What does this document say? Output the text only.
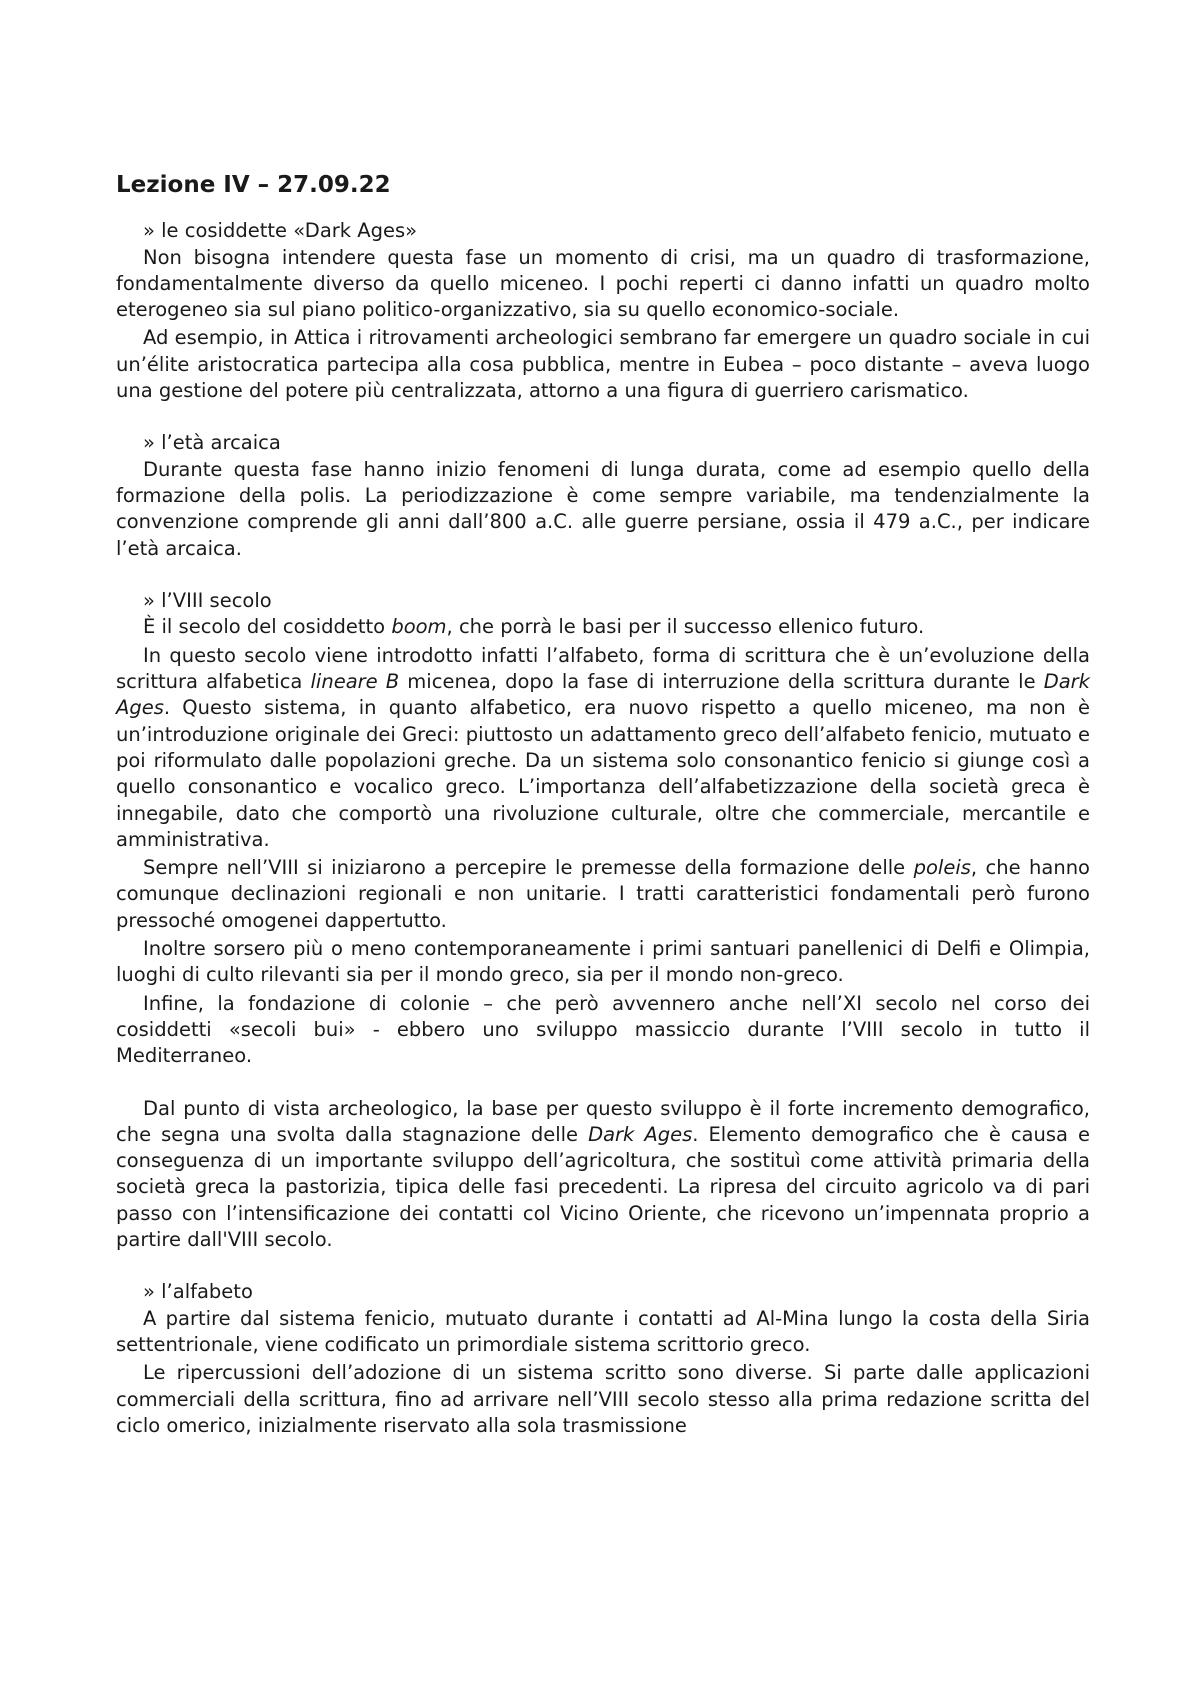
Lezione IV – 27.09.22
» le cosiddette «Dark Ages»

Non bisogna intendere questa fase un momento di crisi, ma un quadro di trasformazione, fondamentalmente diverso da quello miceneo. I pochi reperti ci danno infatti un quadro molto eterogeneo sia sul piano politico-organizzativo, sia su quello economico-sociale.

Ad esempio, in Attica i ritrovamenti archeologici sembrano far emergere un quadro sociale in cui un’élite aristocratica partecipa alla cosa pubblica, mentre in Eubea – poco distante – aveva luogo una gestione del potere più centralizzata, attorno a una figura di guerriero carismatico.

» l’età arcaica

Durante questa fase hanno inizio fenomeni di lunga durata, come ad esempio quello della formazione della polis. La periodizzazione è come sempre variabile, ma tendenzialmente la convenzione comprende gli anni dall’800 a.C. alle guerre persiane, ossia il 479 a.C., per indicare l’età arcaica.

» l’VIII secolo

È il secolo del cosiddetto boom, che porrà le basi per il successo ellenico futuro.

In questo secolo viene introdotto infatti l’alfabeto, forma di scrittura che è un’evoluzione della scrittura alfabetica lineare B micenea, dopo la fase di interruzione della scrittura durante le Dark Ages. Questo sistema, in quanto alfabetico, era nuovo rispetto a quello miceneo, ma non è un’introduzione originale dei Greci: piuttosto un adattamento greco dell’alfabeto fenicio, mutuato e poi riformulato dalle popolazioni greche. Da un sistema solo consonantico fenicio si giunge così a quello consonantico e vocalico greco. L’importanza dell’alfabetizzazione della società greca è innegabile, dato che comportò una rivoluzione culturale, oltre che commerciale, mercantile e amministrativa.

Sempre nell’VIII si iniziarono a percepire le premesse della formazione delle poleis, che hanno comunque declinazioni regionali e non unitarie. I tratti caratteristici fondamentali però furono pressoché omogenei dappertutto.

Inoltre sorsero più o meno contemporaneamente i primi santuari panellenici di Delfi e Olimpia, luoghi di culto rilevanti sia per il mondo greco, sia per il mondo non-greco.

Infine, la fondazione di colonie – che però avvennero anche nell’XI secolo nel corso dei cosiddetti «secoli bui» - ebbero uno sviluppo massiccio durante l’VIII secolo in tutto il Mediterraneo.

Dal punto di vista archeologico, la base per questo sviluppo è il forte incremento demografico, che segna una svolta dalla stagnazione delle Dark Ages. Elemento demografico che è causa e conseguenza di un importante sviluppo dell’agricoltura, che sostituì come attività primaria della società greca la pastorizia, tipica delle fasi precedenti. La ripresa del circuito agricolo va di pari passo con l’intensificazione dei contatti col Vicino Oriente, che ricevono un’impennata proprio a partire dall'VIII secolo.

» l’alfabeto

A partire dal sistema fenicio, mutuato durante i contatti ad Al-Mina lungo la costa della Siria settentrionale, viene codificato un primordiale sistema scrittorio greco.

Le ripercussioni dell’adozione di un sistema scritto sono diverse. Si parte dalle applicazioni commerciali della scrittura, fino ad arrivare nell’VIII secolo stesso alla prima redazione scritta del ciclo omerico, inizialmente riservato alla sola trasmissione
